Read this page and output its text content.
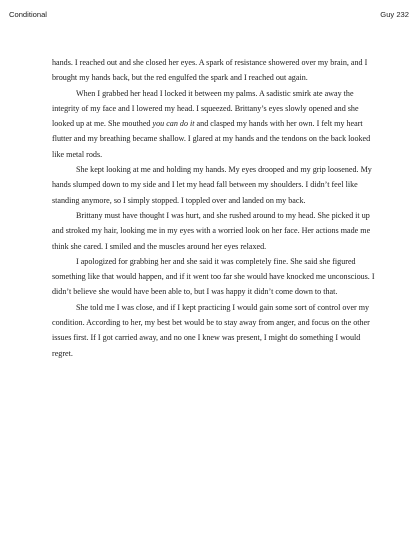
Conditional	Guy 232

hands. I reached out and she closed her eyes. A spark of resistance showered over my brain, and I brought my hands back, but the red engulfed the spark and I reached out again.

When I grabbed her head I locked it between my palms. A sadistic smirk ate away the integrity of my face and I lowered my head. I squeezed. Brittany’s eyes slowly opened and she looked up at me. She mouthed you can do it and clasped my hands with her own. I felt my heart flutter and my breathing became shallow. I glared at my hands and the tendons on the back looked like metal rods.

She kept looking at me and holding my hands. My eyes drooped and my grip loosened. My hands slumped down to my side and I let my head fall between my shoulders. I didn’t feel like standing anymore, so I simply stopped. I toppled over and landed on my back.

Brittany must have thought I was hurt, and she rushed around to my head. She picked it up and stroked my hair, looking me in my eyes with a worried look on her face. Her actions made me think she cared. I smiled and the muscles around her eyes relaxed.

I apologized for grabbing her and she said it was completely fine. She said she figured something like that would happen, and if it went too far she would have knocked me unconscious. I didn’t believe she would have been able to, but I was happy it didn’t come down to that.

She told me I was close, and if I kept practicing I would gain some sort of control over my condition. According to her, my best bet would be to stay away from anger, and focus on the other issues first. If I got carried away, and no one I knew was present, I might do something I would regret.
